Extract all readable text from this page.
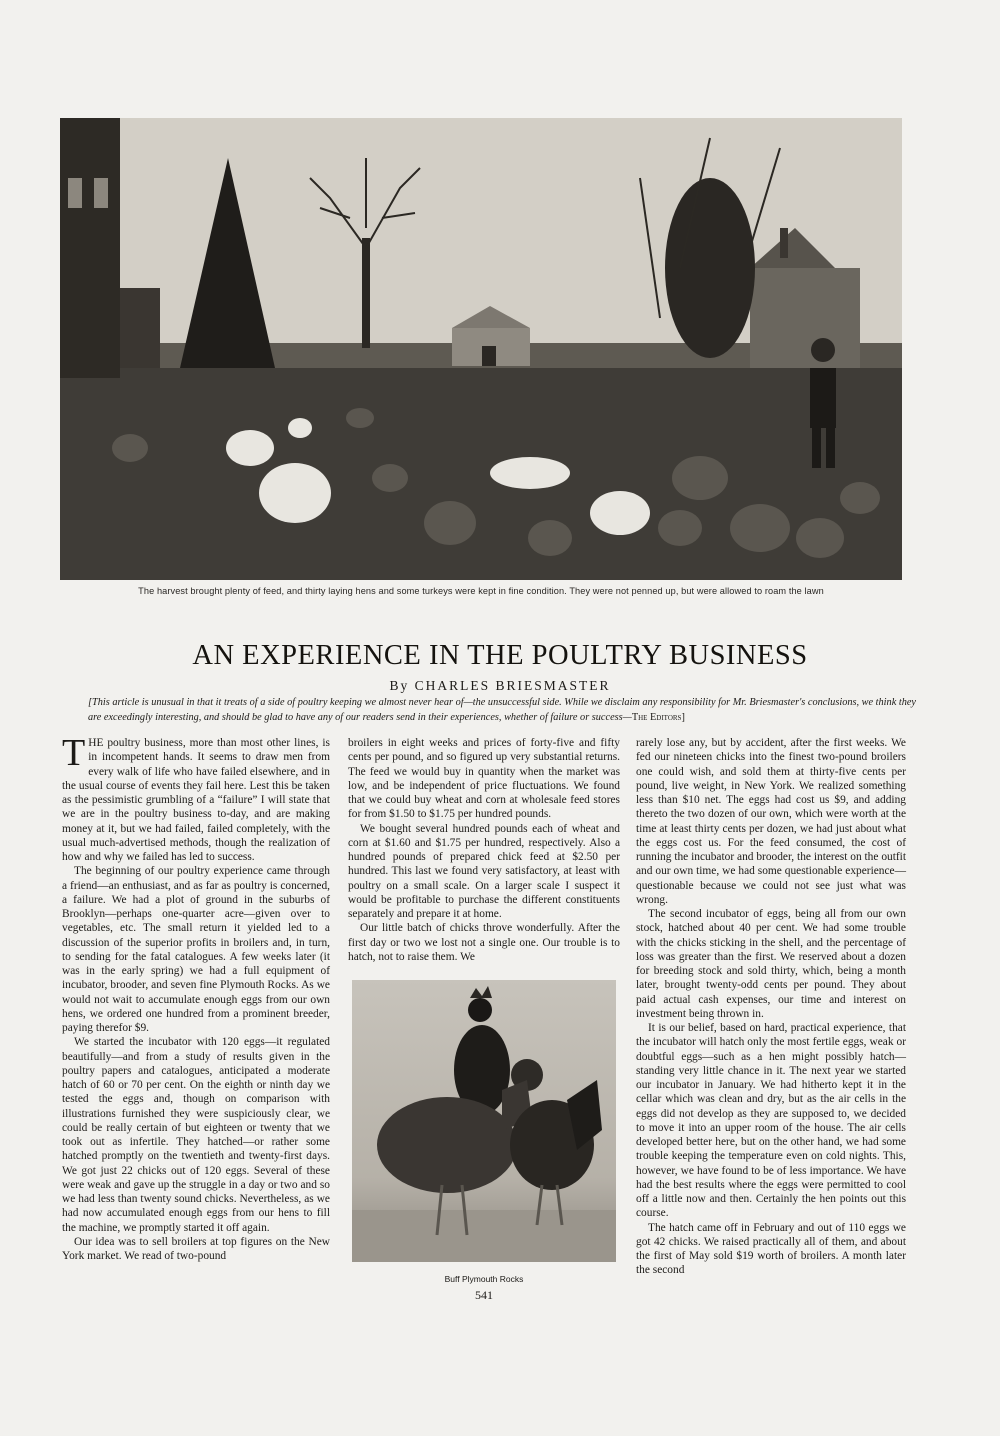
The harvest brought plenty of feed, and thirty laying hens and some turkeys were kept in fine condition. They were not penned up, but were allowed to roam the lawn
AN EXPERIENCE IN THE POULTRY BUSINESS
By CHARLES BRIESMASTER
[This article is unusual in that it treats of a side of poultry keeping we almost never hear of—the unsuccessful side. While we disclaim any responsibility for Mr. Briesmaster's conclusions, we think they are exceedingly interesting, and should be glad to have any of our readers send in their experiences, whether of failure or success—The Editors]

THE poultry business, more than most other lines, is in incompetent hands. It seems to draw men from every walk of life who have failed elsewhere, and in the usual course of events they fail here. Lest this be taken as the pessimistic grumbling of a “failure” I will state that we are in the poultry business to-day, and are making money at it, but we had failed, failed completely, with the usual much-advertised methods, though the realization of how and why we failed has led to success.

The beginning of our poultry experience came through a friend—an enthusiast, and as far as poultry is concerned, a failure. We had a plot of ground in the suburbs of Brooklyn—perhaps one-quarter acre—given over to vegetables, etc. The small return it yielded led to a discussion of the superior profits in broilers and, in turn, to sending for the fatal catalogues. A few weeks later (it was in the early spring) we had a full equipment of incubator, brooder, and seven fine Plymouth Rocks. As we would not wait to accumulate enough eggs from our own hens, we ordered one hundred from a prominent breeder, paying therefor $9.

We started the incubator with 120 eggs—it regulated beautifully—and from a study of results given in the poultry papers and catalogues, anticipated a moderate hatch of 60 or 70 per cent. On the eighth or ninth day we tested the eggs and, though on comparison with illustrations furnished they were suspiciously clear, we could be really certain of but eighteen or twenty that we took out as infertile. They hatched—or rather some hatched promptly on the twentieth and twenty-first days. We got just 22 chicks out of 120 eggs. Several of these were weak and gave up the struggle in a day or two and so we had less than twenty sound chicks. Nevertheless, as we had now accumulated enough eggs from our hens to fill the machine, we promptly started it off again.

Our idea was to sell broilers at top figures on the New York market. We read of two-pound

broilers in eight weeks and prices of forty-five and fifty cents per pound, and so figured up very substantial returns. The feed we would buy in quantity when the market was low, and be independent of price fluctuations. We found that we could buy wheat and corn at wholesale feed stores for from $1.50 to $1.75 per hundred pounds.

We bought several hundred pounds each of wheat and corn at $1.60 and $1.75 per hundred, respectively. Also a hundred pounds of prepared chick feed at $2.50 per hundred. This last we found very satisfactory, at least with poultry on a small scale. On a larger scale I suspect it would be profitable to purchase the different constituents separately and prepare it at home.

Our little batch of chicks throve wonderfully. After the first day or two we lost not a single one. Our trouble is to hatch, not to raise them. We

Buff Plymouth Rocks
541

rarely lose any, but by accident, after the first weeks. We fed our nineteen chicks into the finest two-pound broilers one could wish, and sold them at thirty-five cents per pound, live weight, in New York. We realized something less than $10 net. The eggs had cost us $9, and adding thereto the two dozen of our own, which were worth at the time at least thirty cents per dozen, we had just about what the eggs cost us. For the feed consumed, the cost of running the incubator and brooder, the interest on the outfit and our own time, we had some questionable experience—questionable because we could not see just what was wrong.

The second incubator of eggs, being all from our own stock, hatched about 40 per cent. We had some trouble with the chicks sticking in the shell, and the percentage of loss was greater than the first. We reserved about a dozen for breeding stock and sold thirty, which, being a month later, brought twenty-odd cents per pound. They about paid actual cash expenses, our time and interest on investment being thrown in.

It is our belief, based on hard, practical experience, that the incubator will hatch only the most fertile eggs, weak or doubtful eggs—such as a hen might possibly hatch—standing very little chance in it. The next year we started our incubator in January. We had hitherto kept it in the cellar which was clean and dry, but as the air cells in the eggs did not develop as they are supposed to, we decided to move it into an upper room of the house. The air cells developed better here, but on the other hand, we had some trouble keeping the temperature even on cold nights. This, however, we have found to be of less importance. We have had the best results where the eggs were permitted to cool off a little now and then. Certainly the hen points out this course.

The hatch came off in February and out of 110 eggs we got 42 chicks. We raised practically all of them, and about the first of May sold $19 worth of broilers. A month later the second
